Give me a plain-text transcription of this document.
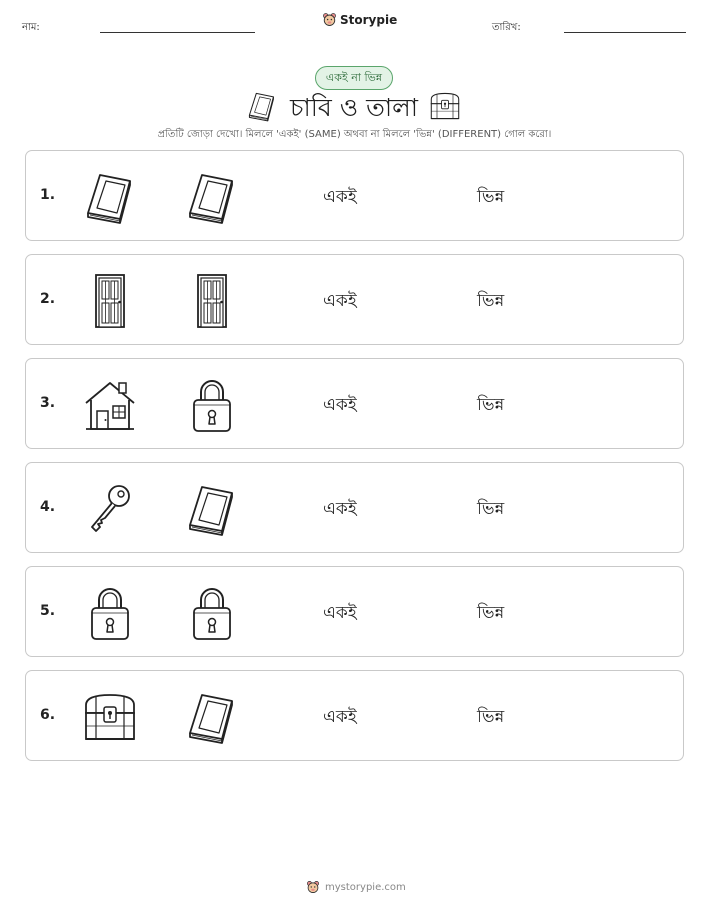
নাম:
Storypie
তারিখ:
একই না ভিন্ন
চাবি ও তালা
প্রতিটি জোড়া দেখো। মিললে 'একই' (SAME) অথবা না মিললে 'ভিন্ন' (DIFFERENT) গোল করো।
1.	একই	ভিন্ন
2.	একই	ভিন্ন
3.	একই	ভিন্ন
4.	একই	ভিন্ন
5.	একই	ভিন্ন
6.	একই	ভিন্ন
mystorypie.com
